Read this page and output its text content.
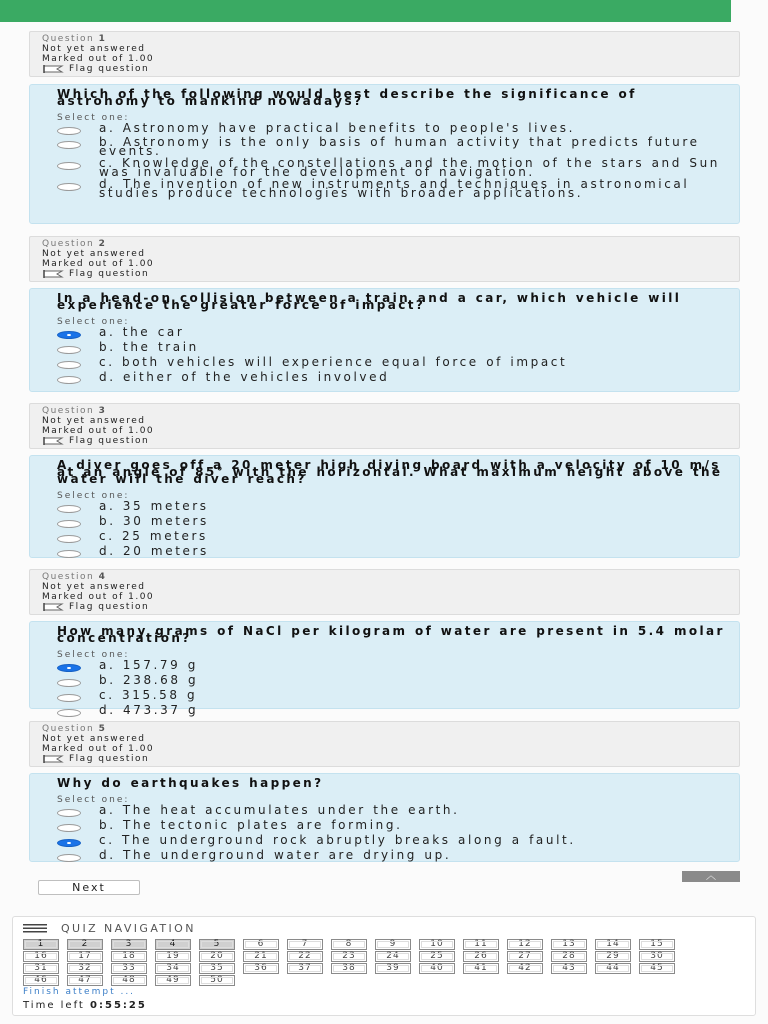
Question 1
Not yet answered
Marked out of 1.00
Flag question
Which of the following would best describe the significance of astronomy to mankind nowadays?
Select one:
a. Astronomy have practical benefits to people's lives.
b. Astronomy is the only basis of human activity that predicts future events.
c. Knowledge of the constellations and the motion of the stars and Sun was invaluable for the development of navigation.
d. The invention of new instruments and techniques in astronomical studies produce technologies with broader applications.
Question 2
Not yet answered
Marked out of 1.00
Flag question
In a head-on collision between a train and a car, which vehicle will experience the greater force of impact?
Select one:
a. the car
b. the train
c. both vehicles will experience equal force of impact
d. either of the vehicles involved
Question 3
Not yet answered
Marked out of 1.00
Flag question
A diver goes off a 20 meter high diving board with a velocity of 10 m/s at an angle of 85° with the horizontal. What maximum height above the water will the diver reach?
Select one:
a. 35 meters
b. 30 meters
c. 25 meters
d. 20 meters
Question 4
Not yet answered
Marked out of 1.00
Flag question
How many grams of NaCl per kilogram of water are present in 5.4 molar concentration?
Select one:
a. 157.79 g
b. 238.68 g
c. 315.58 g
d. 473.37 g
Question 5
Not yet answered
Marked out of 1.00
Flag question
Why do earthquakes happen?
Select one:
a. The heat accumulates under the earth.
b. The tectonic plates are forming.
c. The underground rock abruptly breaks along a fault.
d. The underground water are drying up.
︿
Next
QUIZ NAVIGATION
1	2	3	4	5	6	7	8	9	10	11	12	13	14	15
16	17	18	19	20	21	22	23	24	25	26	27	28	29	30
31	32	33	34	35	36	37	38	39	40	41	42	43	44	45
46	47	48	49	50
Finish attempt ...
Time left 0:55:25
